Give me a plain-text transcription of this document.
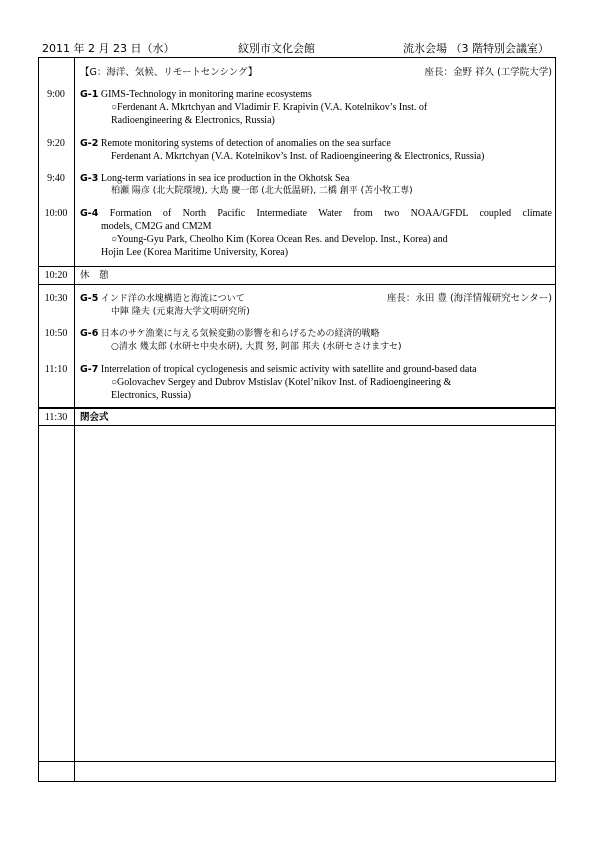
2011 年 2 月 23 日（水）	紋別市文化会館	流氷会場 （3 階特別会議室）
【G：海洋、気候、リモートセンシング】	座長：金野 祥久 (工学院大学)
9:00	G-1 GIMS-Technology in monitoring marine ecosystems
○Ferdenant A. Mkrtchyan and Vladimir F. Krapivin (V.A. Kotelnikov’s Inst. of
Radioengineering & Electronics, Russia)
9:20	G-2 Remote monitoring systems of detection of anomalies on the sea surface
Ferdenant A. Mkrtchyan (V.A. Kotelnikov’s Inst. of Radioengineering & Electronics, Russia)
9:40	G-3 Long-term variations in sea ice production in the Okhotsk Sea
柏瀬 陽彦 (北大院環境), 大島 慶一郎 (北大低温研), 二橋 創平 (苫小牧工専)
10:00	G-4 Formation of North Pacific Intermediate Water from two NOAA/GFDL coupled climate
models, CM2G and CM2M
○Young-Gyu Park, Cheolho Kim (Korea Ocean Res. and Develop. Inst., Korea) and
Hojin Lee (Korea Maritime University, Korea)
10:20	休　憩
10:30	G-5 インド洋の水塊構造と海流について	座長：永田 豊 (海洋情報研究センター)
中陣 隆夫 (元東海大学文明研究所)
10:50	G-6 日本のサケ漁業に与える気候変動の影響を和らげるための経済的戦略
○清水 幾太郎 (水研セ中央水研), 大貫 努, 阿部 邦夫 (水研セさけますセ)
11:10	G-7 Interrelation of tropical cyclogenesis and seismic activity with satellite and ground-based data
○Golovachev Sergey and Dubrov Mstislav (Kotel’nikov Inst. of Radioengineering &
Electronics, Russia)
11:30	閉会式
